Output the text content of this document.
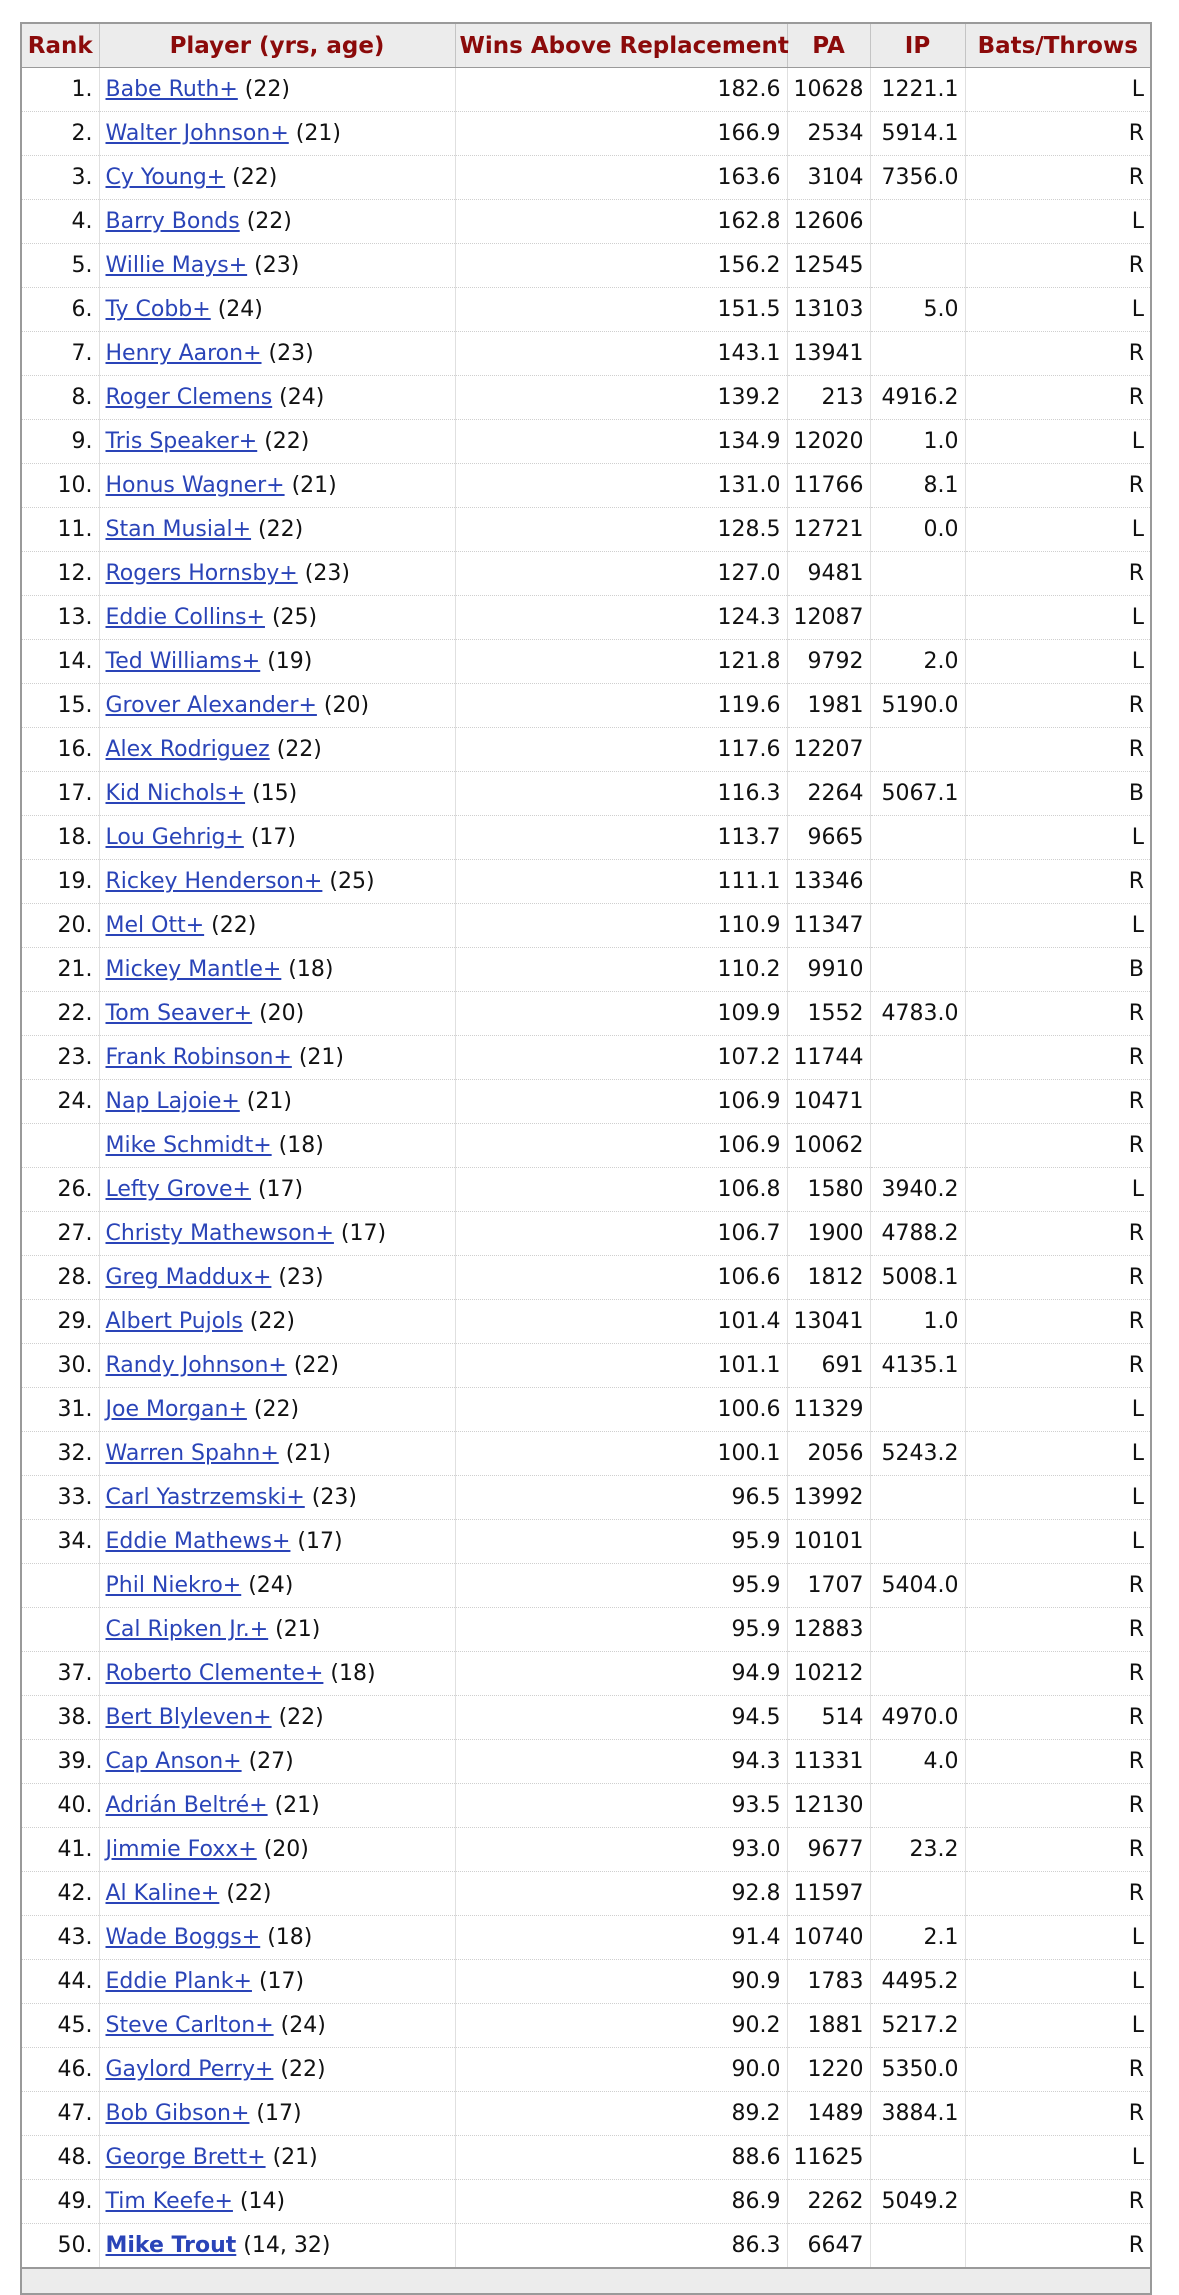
Rank	Player (yrs, age)	Wins Above Replacement	PA	IP	Bats/Throws
1.	Babe Ruth+ (22)	182.6	10628	1221.1	L
2.	Walter Johnson+ (21)	166.9	2534	5914.1	R
3.	Cy Young+ (22)	163.6	3104	7356.0	R
4.	Barry Bonds (22)	162.8	12606		L
5.	Willie Mays+ (23)	156.2	12545		R
6.	Ty Cobb+ (24)	151.5	13103	5.0	L
7.	Henry Aaron+ (23)	143.1	13941		R
8.	Roger Clemens (24)	139.2	213	4916.2	R
9.	Tris Speaker+ (22)	134.9	12020	1.0	L
10.	Honus Wagner+ (21)	131.0	11766	8.1	R
11.	Stan Musial+ (22)	128.5	12721	0.0	L
12.	Rogers Hornsby+ (23)	127.0	9481		R
13.	Eddie Collins+ (25)	124.3	12087		L
14.	Ted Williams+ (19)	121.8	9792	2.0	L
15.	Grover Alexander+ (20)	119.6	1981	5190.0	R
16.	Alex Rodriguez (22)	117.6	12207		R
17.	Kid Nichols+ (15)	116.3	2264	5067.1	B
18.	Lou Gehrig+ (17)	113.7	9665		L
19.	Rickey Henderson+ (25)	111.1	13346		R
20.	Mel Ott+ (22)	110.9	11347		L
21.	Mickey Mantle+ (18)	110.2	9910		B
22.	Tom Seaver+ (20)	109.9	1552	4783.0	R
23.	Frank Robinson+ (21)	107.2	11744		R
24.	Nap Lajoie+ (21)	106.9	10471		R
	Mike Schmidt+ (18)	106.9	10062		R
26.	Lefty Grove+ (17)	106.8	1580	3940.2	L
27.	Christy Mathewson+ (17)	106.7	1900	4788.2	R
28.	Greg Maddux+ (23)	106.6	1812	5008.1	R
29.	Albert Pujols (22)	101.4	13041	1.0	R
30.	Randy Johnson+ (22)	101.1	691	4135.1	R
31.	Joe Morgan+ (22)	100.6	11329		L
32.	Warren Spahn+ (21)	100.1	2056	5243.2	L
33.	Carl Yastrzemski+ (23)	96.5	13992		L
34.	Eddie Mathews+ (17)	95.9	10101		L
	Phil Niekro+ (24)	95.9	1707	5404.0	R
	Cal Ripken Jr.+ (21)	95.9	12883		R
37.	Roberto Clemente+ (18)	94.9	10212		R
38.	Bert Blyleven+ (22)	94.5	514	4970.0	R
39.	Cap Anson+ (27)	94.3	11331	4.0	R
40.	Adrián Beltré+ (21)	93.5	12130		R
41.	Jimmie Foxx+ (20)	93.0	9677	23.2	R
42.	Al Kaline+ (22)	92.8	11597		R
43.	Wade Boggs+ (18)	91.4	10740	2.1	L
44.	Eddie Plank+ (17)	90.9	1783	4495.2	L
45.	Steve Carlton+ (24)	90.2	1881	5217.2	L
46.	Gaylord Perry+ (22)	90.0	1220	5350.0	R
47.	Bob Gibson+ (17)	89.2	1489	3884.1	R
48.	George Brett+ (21)	88.6	11625		L
49.	Tim Keefe+ (14)	86.9	2262	5049.2	R
50.	Mike Trout (14, 32)	86.3	6647		R
